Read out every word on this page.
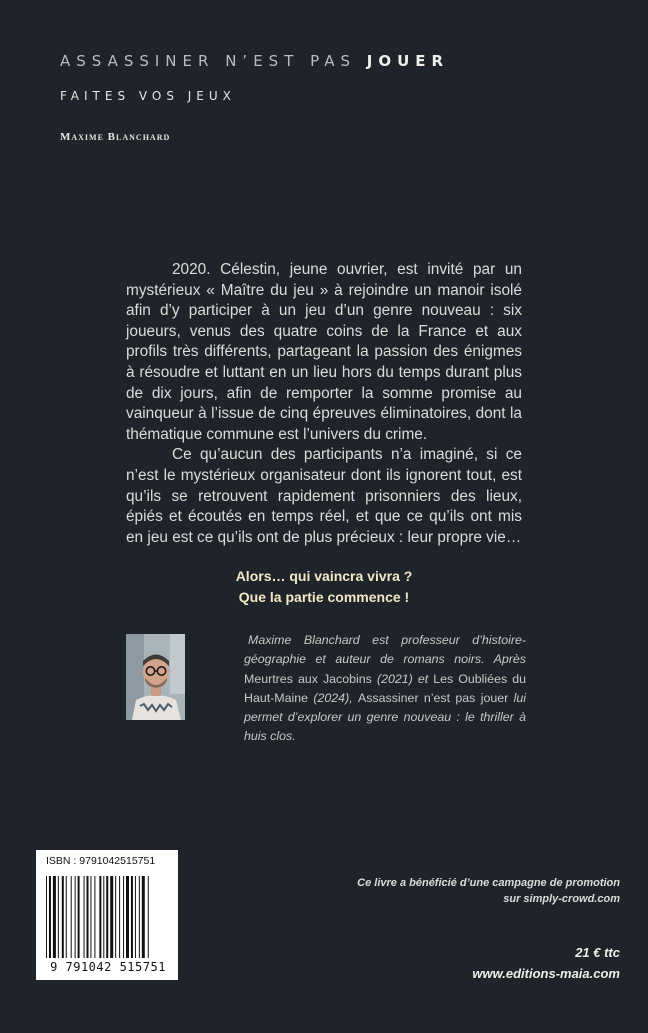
ASSASSINER N’EST PAS JOUER
FAITES VOS JEUX
Maxime Blanchard

2020. Célestin, jeune ouvrier, est invité par un mystérieux « Maître du jeu » à rejoindre un manoir isolé afin d’y participer à un jeu d’un genre nouveau : six joueurs, venus des quatre coins de la France et aux profils très différents, partageant la passion des énigmes à résoudre et luttant en un lieu hors du temps durant plus de dix jours, afin de remporter la somme promise au vainqueur à l’issue de cinq épreuves éliminatoires, dont la thématique commune est l’univers du crime.

Ce qu’aucun des participants n’a imaginé, si ce n’est le mystérieux organisateur dont ils ignorent tout, est qu’ils se retrouvent rapidement prisonniers des lieux, épiés et écoutés en temps réel, et que ce qu’ils ont mis en jeu est ce qu’ils ont de plus précieux : leur propre vie…

Alors… qui vaincra vivra ?
Que la partie commence !
Maxime Blanchard est professeur d’histoire-géographie et auteur de romans noirs. Après Meurtres aux Jacobins (2021) et Les Oubliées du Haut-Maine (2024), Assassiner n’est pas jouer lui permet d’explorer un genre nouveau : le thriller à huis clos.
ISBN : 9791042515751
9 791042 515751
Ce livre a bénéficié d’une campagne de promotion
sur simply-crowd.com
21 € ttc
www.editions-maia.com
